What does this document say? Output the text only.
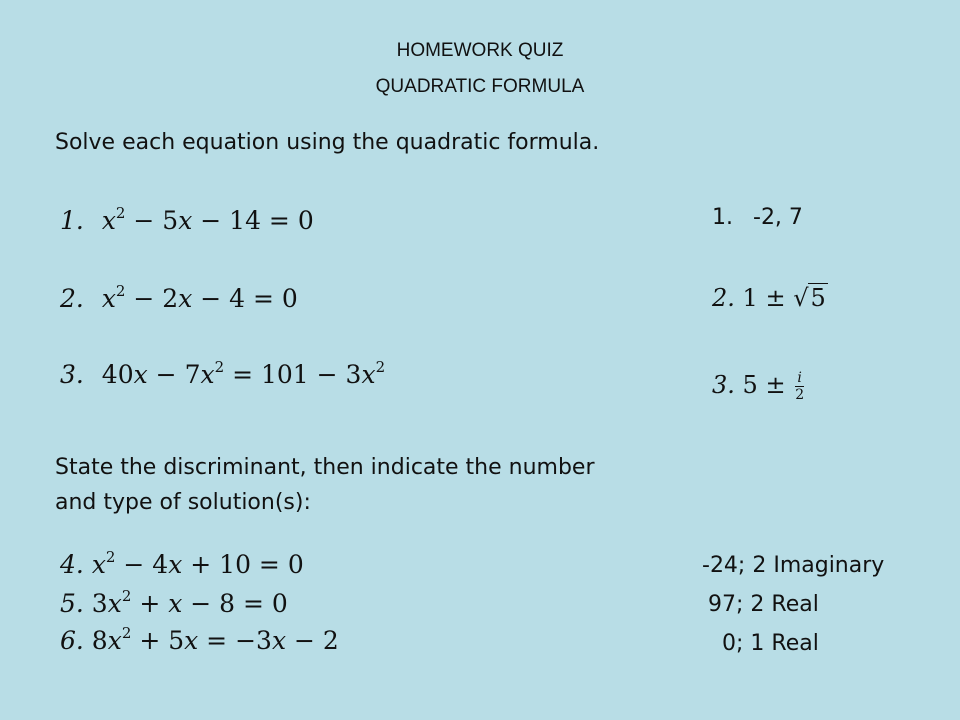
HOMEWORK QUIZ
QUADRATIC FORMULA
Solve each equation using the quadratic formula.
1. $x^2 - 5x - 14 = 0$
2. $x^2 - 2x - 4 = 0$
3. $40x - 7x^2 = 101 - 3x^2$
1. -2, 7
2. 1 ± √5
3. $5 \pm \frac{i}{2}$
State the discriminant, then indicate the number
and type of solution(s):
4. $x^2 - 4x + 10 = 0$
5. $3x^2 + x - 8 = 0$
6. $8x^2 + 5x = -3x - 2$
-24; 2 Imaginary
97; 2 Real
0; 1 Real
